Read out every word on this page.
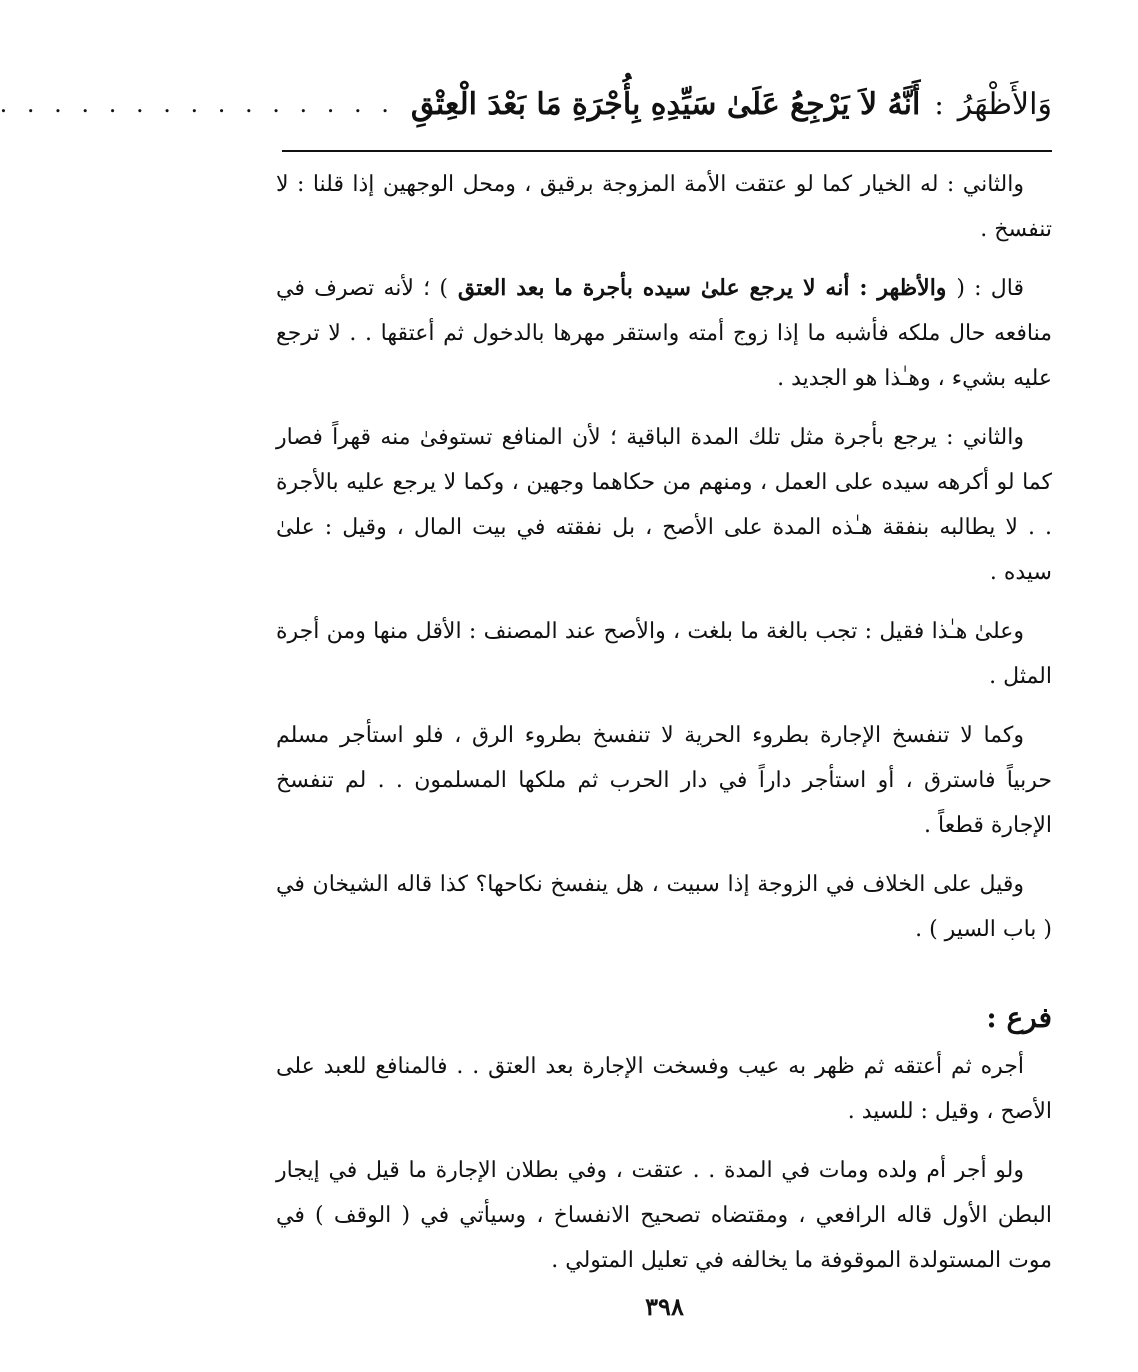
وَالأَظْهَرُ
:
أَنَّهُ لاَ يَرْجِعُ عَلَىٰ سَيِّدِهِ بِأُجْرَةِ مَا بَعْدَ الْعِتْقِ
. . . . . . . . . . . . . . .

والثاني : له الخيار كما لو عتقت الأمة المزوجة برقيق ، ومحل الوجهين إذا قلنا : لا تنفسخ .

قال : ( والأظهر : أنه لا يرجع علىٰ سيده بأجرة ما بعد العتق ) ؛ لأنه تصرف في منافعه حال ملكه فأشبه ما إذا زوج أمته واستقر مهرها بالدخول ثم أعتقها . . لا ترجع عليه بشيء ، وهـٰذا هو الجديد .

والثاني : يرجع بأجرة مثل تلك المدة الباقية ؛ لأن المنافع تستوفىٰ منه قهراً فصار كما لو أكرهه سيده على العمل ، ومنهم من حكاهما وجهين ، وكما لا يرجع عليه بالأجرة . . لا يطالبه بنفقة هـٰذه المدة على الأصح ، بل نفقته في بيت المال ، وقيل : علىٰ سيده .

وعلىٰ هـٰذا فقيل : تجب بالغة ما بلغت ، والأصح عند المصنف : الأقل منها ومن أجرة المثل .

وكما لا تنفسخ الإجارة بطروء الحرية لا تنفسخ بطروء الرق ، فلو استأجر مسلم حربياً فاسترق ، أو استأجر داراً في دار الحرب ثم ملكها المسلمون . . لم تنفسخ الإجارة قطعاً .

وقيل على الخلاف في الزوجة إذا سبيت ، هل ينفسخ نكاحها؟ كذا قاله الشيخان في ( باب السير ) .

فرع :

أجره ثم أعتقه ثم ظهر به عيب وفسخت الإجارة بعد العتق . . فالمنافع للعبد على الأصح ، وقيل : للسيد .

ولو أجر أم ولده ومات في المدة . . عتقت ، وفي بطلان الإجارة ما قيل في إيجار البطن الأول قاله الرافعي ، ومقتضاه تصحيح الانفساخ ، وسيأتي في ( الوقف ) في موت المستولدة الموقوفة ما يخالفه في تعليل المتولي .

٣٩٨
